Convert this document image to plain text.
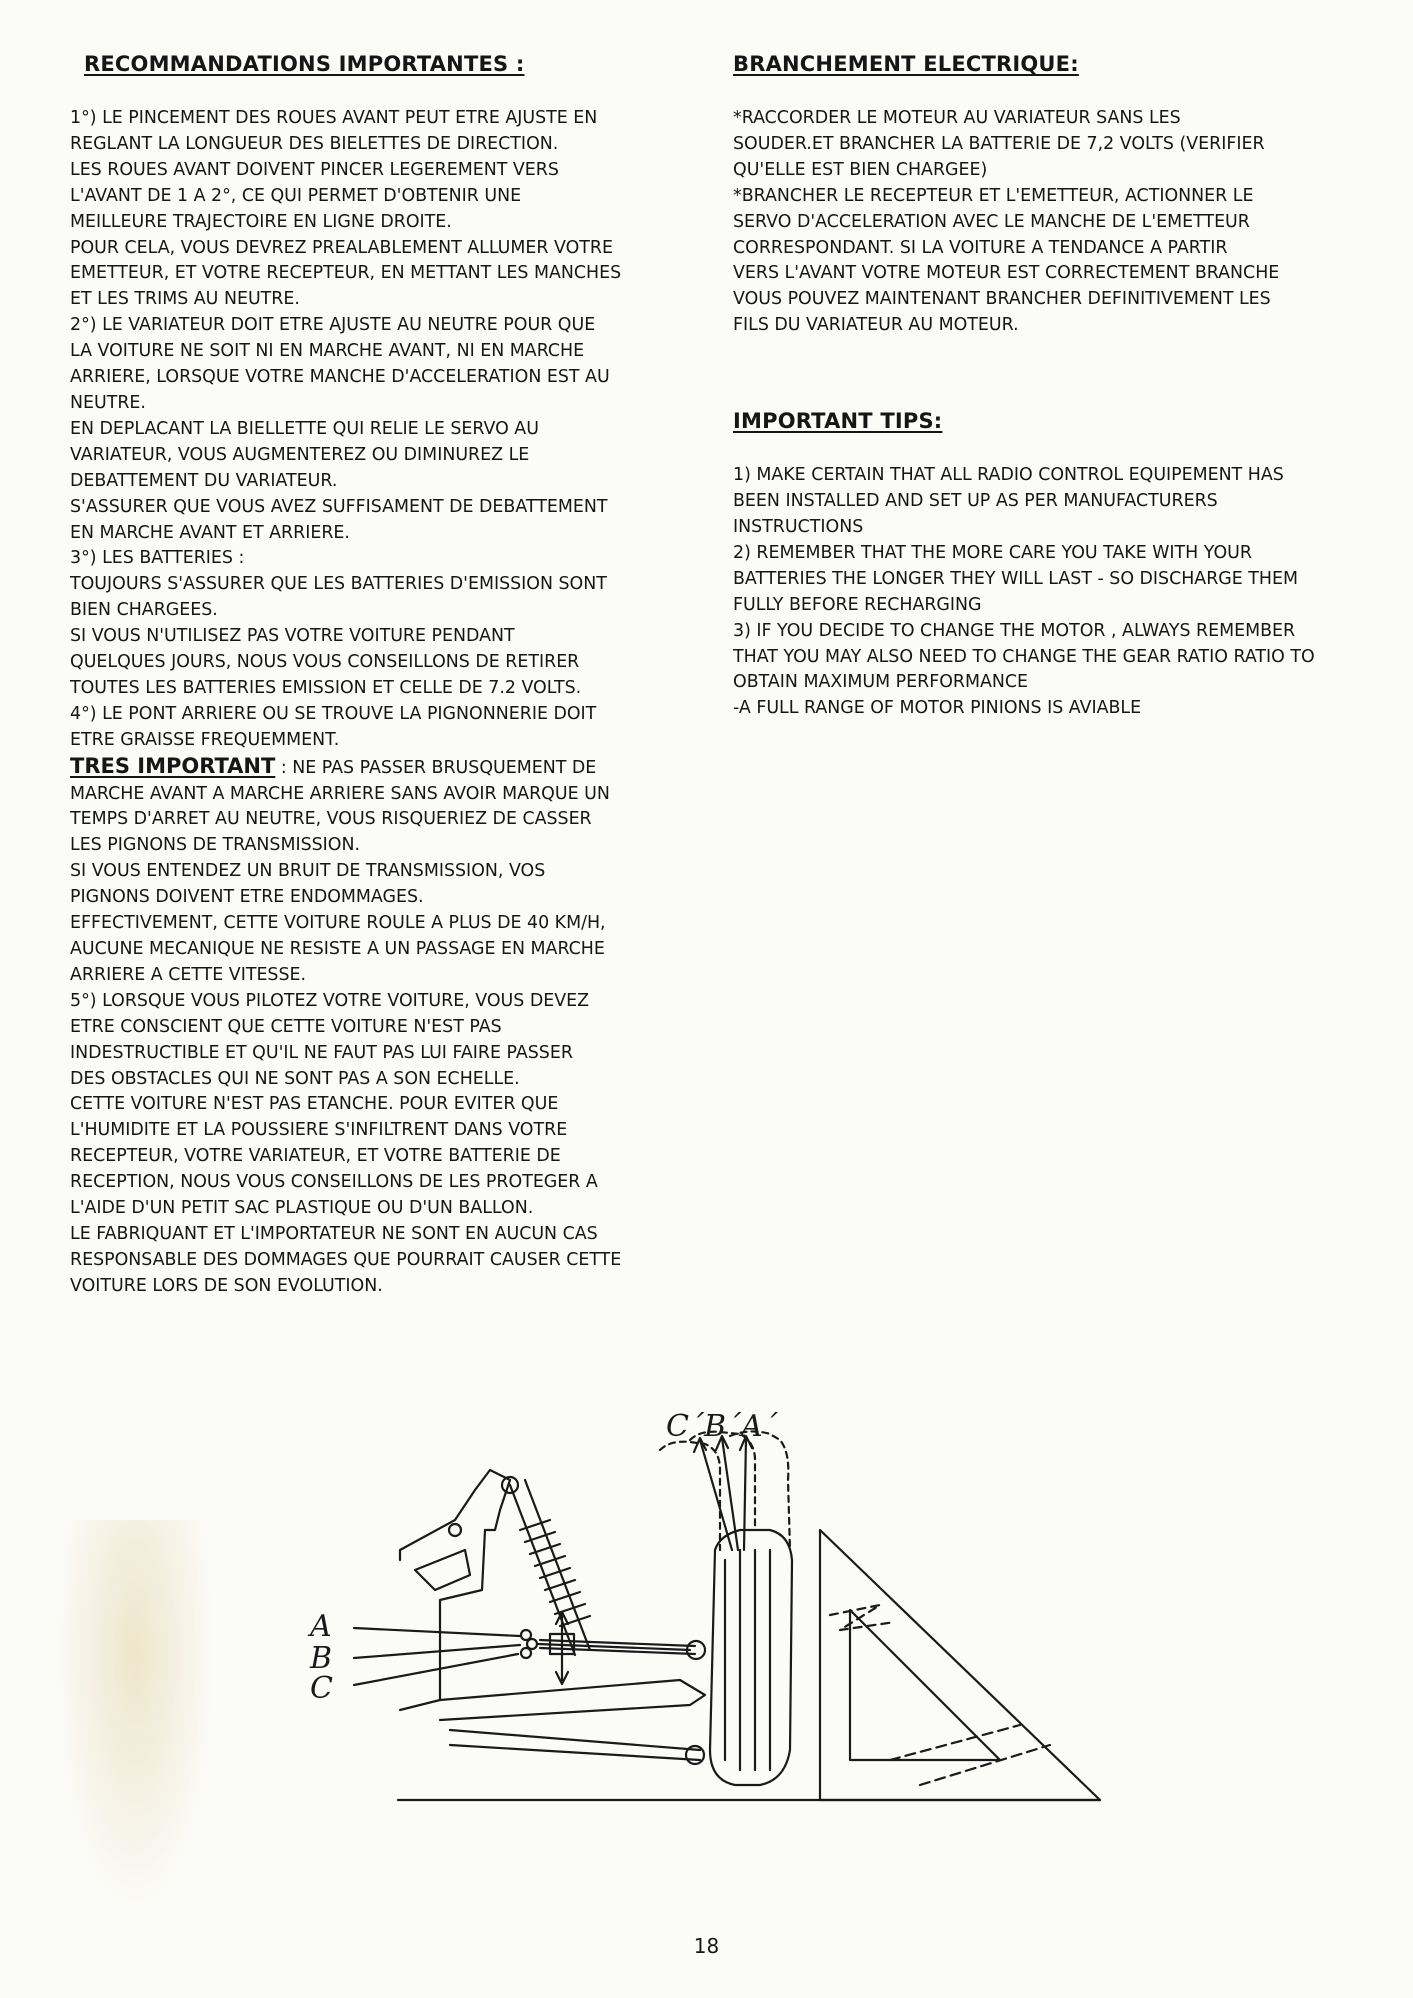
RECOMMANDATIONS IMPORTANTES :

1°) LE PINCEMENT DES ROUES AVANT PEUT ETRE AJUSTE EN
REGLANT LA LONGUEUR DES BIELETTES DE DIRECTION.
LES ROUES AVANT DOIVENT PINCER LEGEREMENT VERS
L'AVANT DE 1 A 2°, CE QUI PERMET D'OBTENIR UNE
MEILLEURE TRAJECTOIRE EN LIGNE DROITE.
POUR CELA, VOUS DEVREZ PREALABLEMENT ALLUMER VOTRE
EMETTEUR, ET VOTRE RECEPTEUR, EN METTANT LES MANCHES
ET LES TRIMS AU NEUTRE.
2°) LE VARIATEUR DOIT ETRE AJUSTE AU NEUTRE POUR QUE
LA VOITURE NE SOIT NI EN MARCHE AVANT, NI EN MARCHE
ARRIERE, LORSQUE VOTRE MANCHE D'ACCELERATION EST AU
NEUTRE.
EN DEPLACANT LA BIELLETTE QUI RELIE LE SERVO AU
VARIATEUR, VOUS AUGMENTEREZ OU DIMINUREZ LE
DEBATTEMENT DU VARIATEUR.
S'ASSURER QUE VOUS AVEZ SUFFISAMENT DE DEBATTEMENT
EN MARCHE AVANT ET ARRIERE.
3°) LES BATTERIES :
TOUJOURS S'ASSURER QUE LES BATTERIES D'EMISSION SONT
BIEN CHARGEES.
SI VOUS N'UTILISEZ PAS VOTRE VOITURE PENDANT
QUELQUES JOURS, NOUS VOUS CONSEILLONS DE RETIRER
TOUTES LES BATTERIES EMISSION ET CELLE DE 7.2 VOLTS.
4°) LE PONT ARRIERE OU SE TROUVE LA PIGNONNERIE DOIT
ETRE GRAISSE FREQUEMMENT.

TRES IMPORTANT : NE PAS PASSER BRUSQUEMENT DE
MARCHE AVANT A MARCHE ARRIERE SANS AVOIR MARQUE UN
TEMPS D'ARRET AU NEUTRE, VOUS RISQUERIEZ DE CASSER
LES PIGNONS DE TRANSMISSION.
SI VOUS ENTENDEZ UN BRUIT DE TRANSMISSION, VOS
PIGNONS DOIVENT ETRE ENDOMMAGES.
EFFECTIVEMENT, CETTE VOITURE ROULE A PLUS DE 40 KM/H,
AUCUNE MECANIQUE NE RESISTE A UN PASSAGE EN MARCHE
ARRIERE A CETTE VITESSE.
5°) LORSQUE VOUS PILOTEZ VOTRE VOITURE, VOUS DEVEZ
ETRE CONSCIENT QUE CETTE VOITURE N'EST PAS
INDESTRUCTIBLE ET QU'IL NE FAUT PAS LUI FAIRE PASSER
DES OBSTACLES QUI NE SONT PAS A SON ECHELLE.
CETTE VOITURE N'EST PAS ETANCHE. POUR EVITER QUE
L'HUMIDITE ET LA POUSSIERE S'INFILTRENT DANS VOTRE
RECEPTEUR, VOTRE VARIATEUR, ET VOTRE BATTERIE DE
RECEPTION, NOUS VOUS CONSEILLONS DE LES PROTEGER A
L'AIDE D'UN PETIT SAC PLASTIQUE OU D'UN BALLON.
LE FABRIQUANT ET L'IMPORTATEUR NE SONT EN AUCUN CAS
RESPONSABLE DES DOMMAGES QUE POURRAIT CAUSER CETTE
VOITURE LORS DE SON EVOLUTION.

BRANCHEMENT ELECTRIQUE:

*RACCORDER LE MOTEUR AU VARIATEUR SANS LES
SOUDER.ET BRANCHER LA BATTERIE DE 7,2 VOLTS (VERIFIER
QU'ELLE EST BIEN CHARGEE)
*BRANCHER LE RECEPTEUR ET L'EMETTEUR, ACTIONNER LE
SERVO D'ACCELERATION AVEC LE MANCHE DE L'EMETTEUR
CORRESPONDANT. SI LA VOITURE A TENDANCE A PARTIR
VERS L'AVANT VOTRE MOTEUR EST CORRECTEMENT BRANCHE
VOUS POUVEZ MAINTENANT BRANCHER DEFINITIVEMENT LES
FILS DU VARIATEUR AU MOTEUR.

IMPORTANT TIPS:

1) MAKE CERTAIN THAT ALL RADIO CONTROL EQUIPEMENT HAS
BEEN INSTALLED AND SET UP AS PER MANUFACTURERS
INSTRUCTIONS
2) REMEMBER THAT THE MORE CARE YOU TAKE WITH YOUR
BATTERIES THE LONGER THEY WILL LAST - SO DISCHARGE THEM
FULLY BEFORE RECHARGING
3) IF YOU DECIDE TO CHANGE THE MOTOR , ALWAYS REMEMBER
THAT YOU MAY ALSO NEED TO CHANGE THE GEAR RATIO RATIO TO
OBTAIN MAXIMUM PERFORMANCE
-A FULL RANGE OF MOTOR PINIONS IS AVIABLE

C´B´A´
A
B
C
18
